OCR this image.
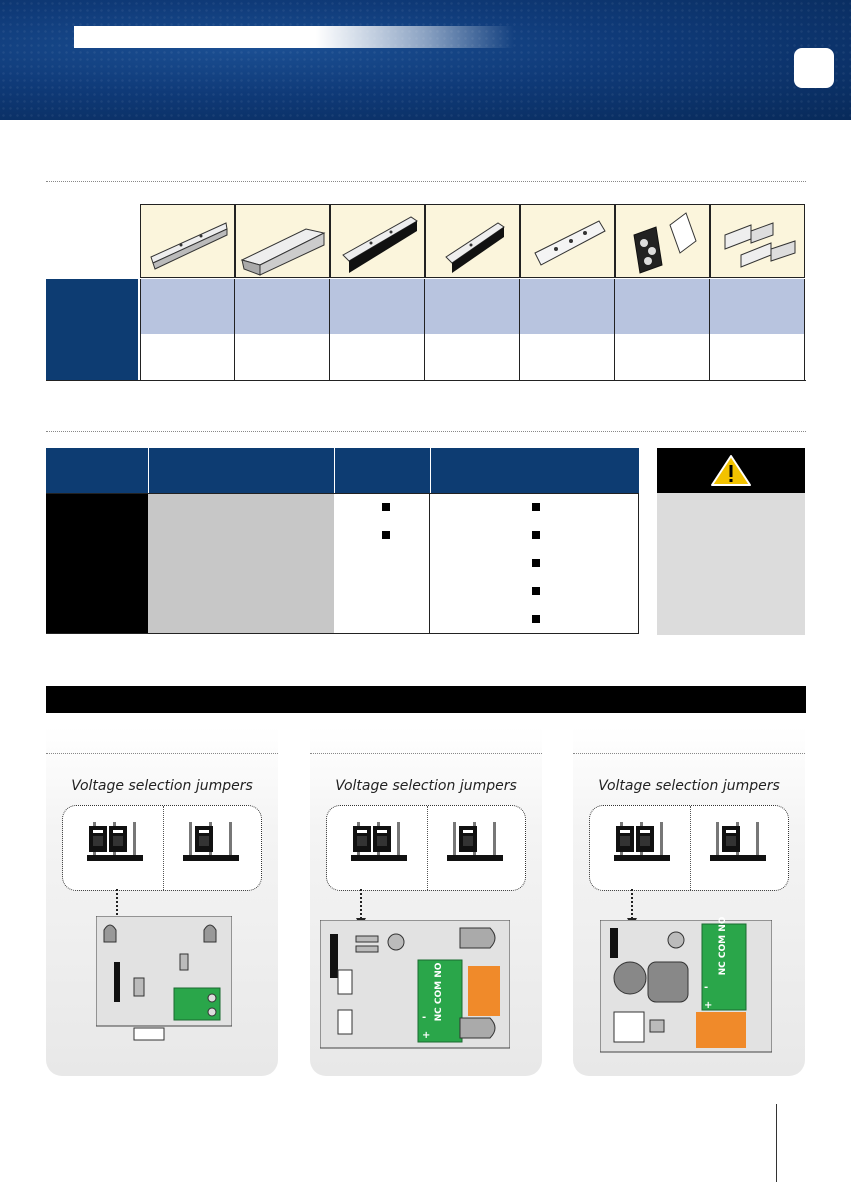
Voltage selection jumpers	Voltage selection jumpers
NC COM NO
-
+
Voltage selection jumpers
NC COM NO
-
+
